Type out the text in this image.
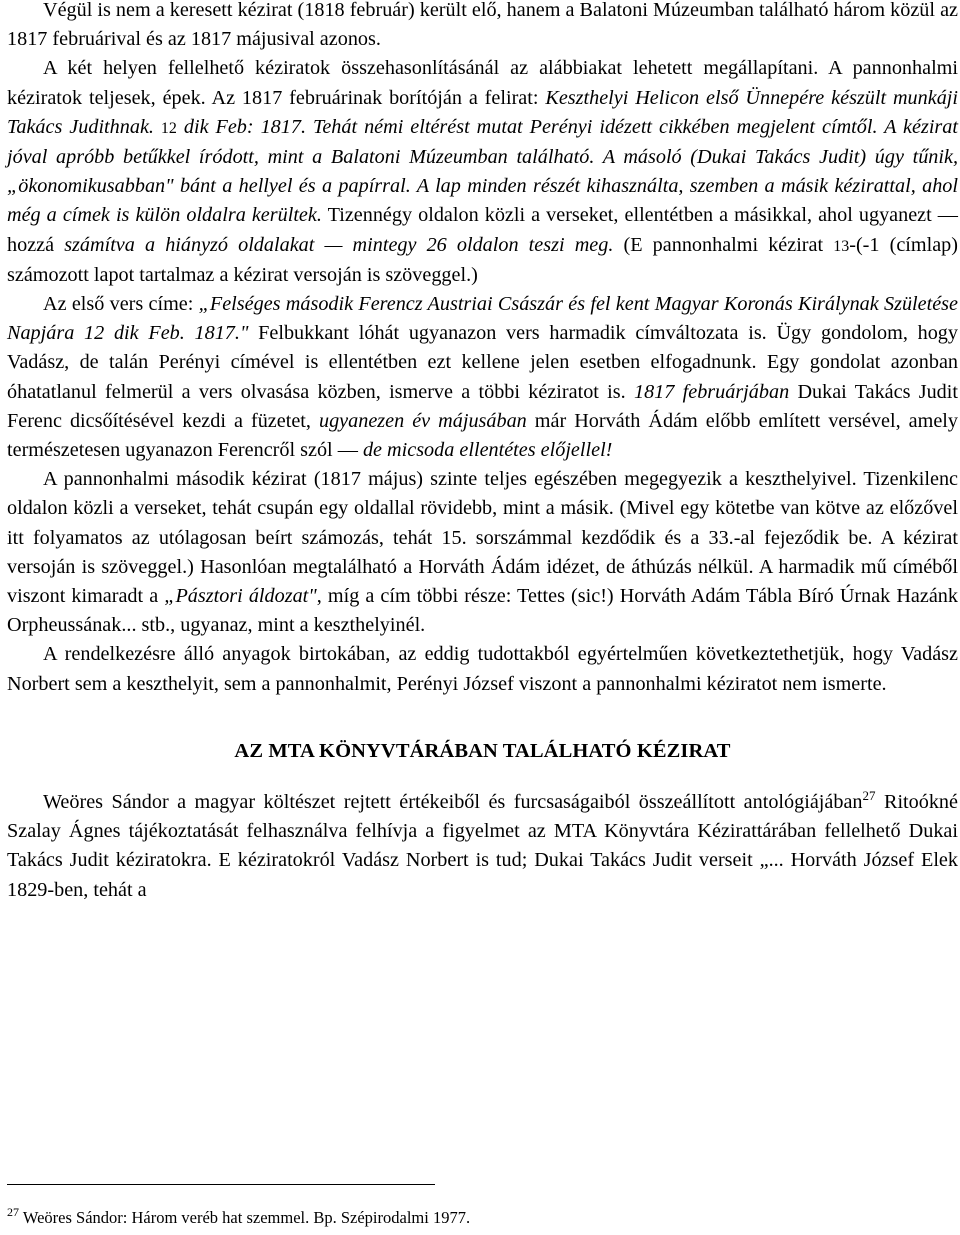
Végül is nem a keresett kézirat (1818 február) került elő, hanem a Balatoni Múzeumban található három közül az 1817 februárival és az 1817 májusival azonos.

A két helyen fellelhető kéziratok összehasonlításánál az alábbiakat lehetett megállapítani. A pannonhalmi kéziratok teljesek, épek. Az 1817 februárinak borítóján a felirat: Keszthelyi Helicon első Ünnepére készült munkáji Takács Judithnak. 12 dik Feb: 1817. Tehát némi eltérést mutat Perényi idézett cikkében megjelent címtől. A kézirat jóval apróbb betűkkel íródott, mint a Balatoni Múzeumban található. A másoló (Dukai Takács Judit) úgy tűnik, „ökonomikusabban" bánt a hellyel és a papírral. A lap minden részét kihasználta, szemben a másik kézirattal, ahol még a címek is külön oldalra kerültek. Tizennégy oldalon közli a verseket, ellentétben a másikkal, ahol ugyanezt — hozzá számítva a hiányzó oldalakat — mintegy 26 oldalon teszi meg. (E pannonhalmi kézirat 13-(-1 (címlap) számozott lapot tartalmaz a kézirat versoján is szöveggel.)

Az első vers címe: „Felséges második Ferencz Austriai Császár és fel kent Magyar Koronás Királynak Születése Napjára 12 dik Feb. 1817." Felbukkant lóhát ugyanazon vers harmadik címváltozata is. Ügy gondolom, hogy Vadász, de talán Perényi címével is ellentétben ezt kellene jelen esetben elfogadnunk. Egy gondolat azonban óhatatlanul felmerül a vers olvasása közben, ismerve a többi kéziratot is. 1817 februárjában Dukai Takács Judit Ferenc dicsőítésével kezdi a füzetet, ugyanezen év májusában már Horváth Ádám előbb említett versével, amely természetesen ugyanazon Ferencről szól — de micsoda ellentétes előjellel!

A pannonhalmi második kézirat (1817 május) szinte teljes egészében megegyezik a keszthelyivel. Tizenkilenc oldalon közli a verseket, tehát csupán egy oldallal rövidebb, mint a másik. (Mivel egy kötetbe van kötve az előzővel itt folyamatos az utólagosan beírt számozás, tehát 15. sorszámmal kezdődik és a 33.-al fejeződik be. A kézirat versoján is szöveggel.) Hasonlóan megtalálható a Horváth Ádám idézet, de áthúzás nélkül. A harmadik mű címéből viszont kimaradt a „Pásztori áldozat", míg a cím többi része: Tettes (sic!) Horváth Adám Tábla Bíró Úrnak Hazánk Orpheussának... stb., ugyanaz, mint a keszthelyinél.

A rendelkezésre álló anyagok birtokában, az eddig tudottakból egyértelműen következtethetjük, hogy Vadász Norbert sem a keszthelyit, sem a pannonhalmit, Perényi József viszont a pannonhalmi kéziratot nem ismerte.

AZ MTA KÖNYVTÁRÁBAN TALÁLHATÓ KÉZIRAT

Weöres Sándor a magyar költészet rejtett értékeiből és furcsaságaiból összeállított antológiájában$^{27}$ Ritoókné Szalay Ágnes tájékoztatását felhasználva felhívja a figyelmet az MTA Könyvtára Kézirattárában fellelhető Dukai Takács Judit kéziratokra. E kéziratokról Vadász Norbert is tud; Dukai Takács Judit verseit „... Horváth József Elek 1829-ben, tehát a

$^{27}$ Weöres Sándor: Három veréb hat szemmel. Bp. Szépirodalmi 1977.
